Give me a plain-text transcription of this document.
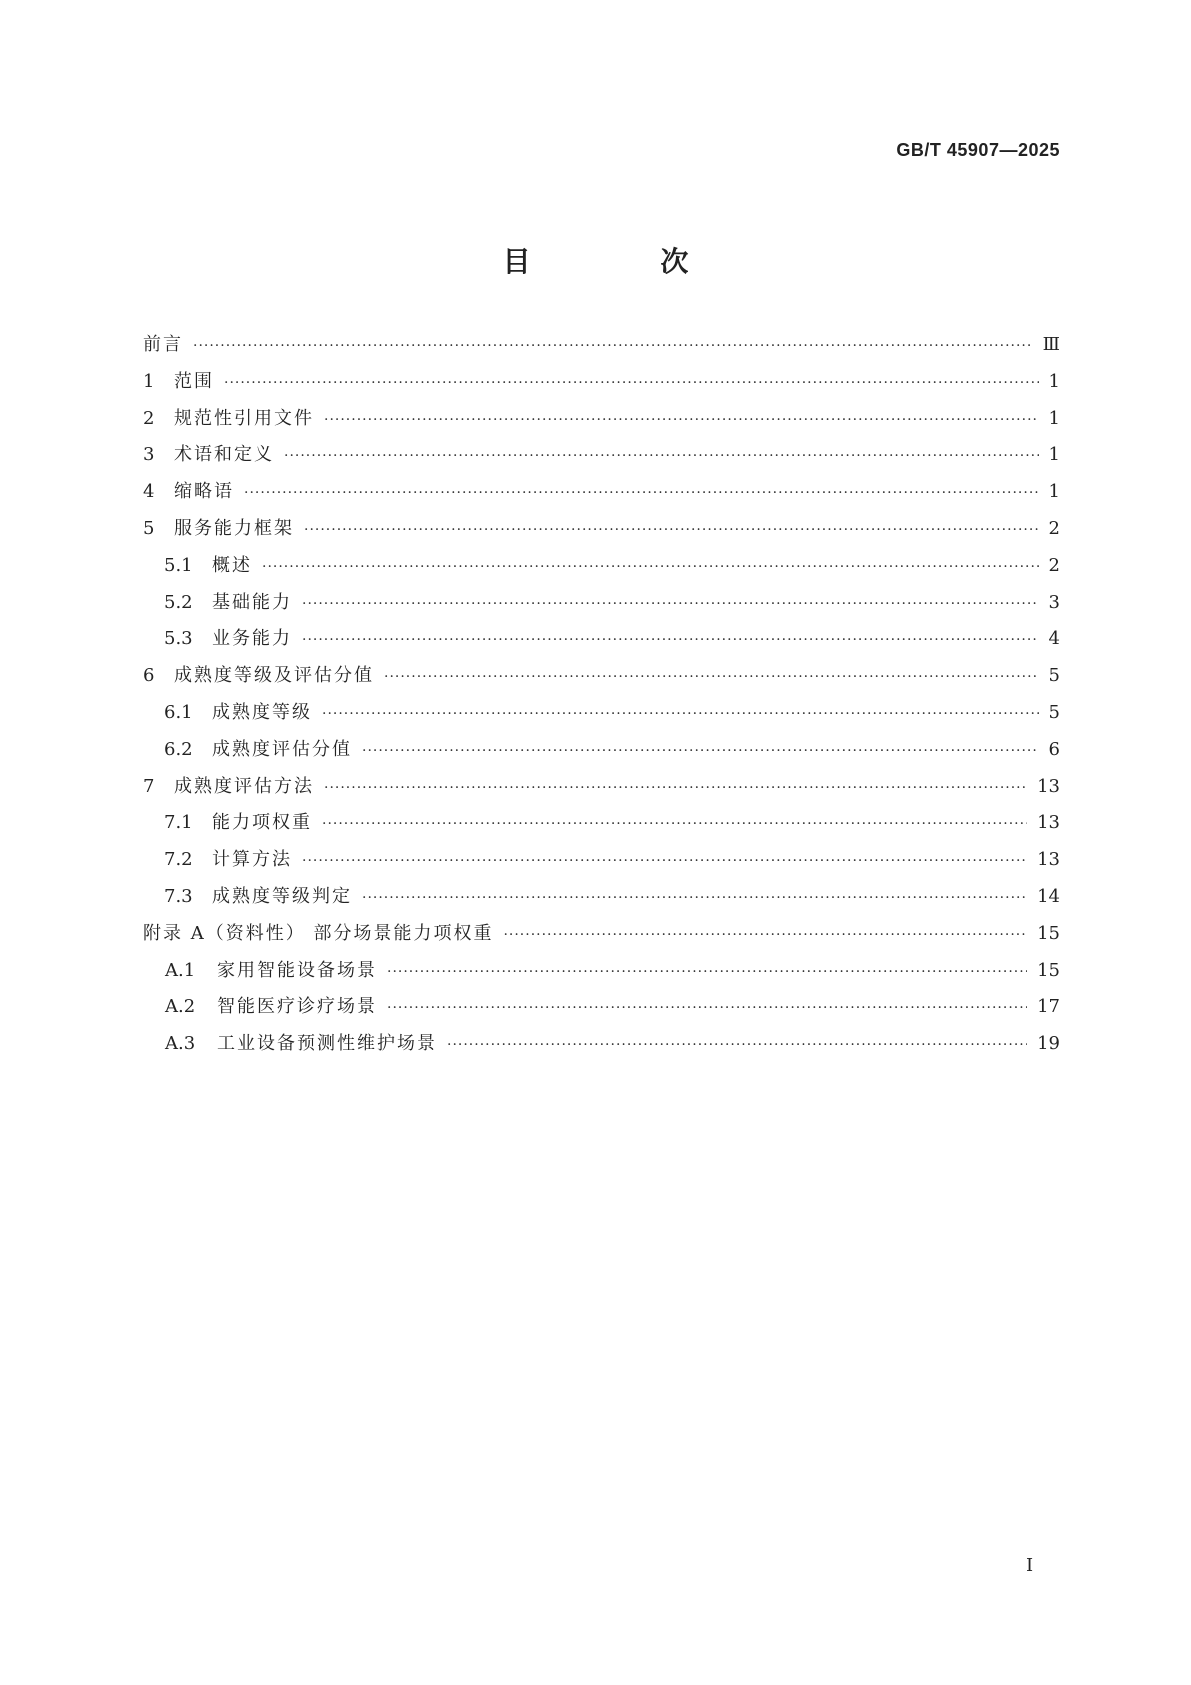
GB/T 45907—2025

目 次
前言 ·····	Ⅲ
1	范围 ·····	1
2	规范性引用文件 ·····	1
3	术语和定义 ·····	1
4	缩略语 ·····	1
5	服务能力框架 ·····	2
5.1	概述 ·····	2
5.2	基础能力 ·····	3
5.3	业务能力 ·····	4
6	成熟度等级及评估分值 ·····	5
6.1	成熟度等级 ·····	5
6.2	成熟度评估分值 ·····	6
7	成熟度评估方法 ·····	13
7.1	能力项权重 ·····	13
7.2	计算方法 ·····	13
7.3	成熟度等级判定 ·····	14
附录 A（资料性） 部分场景能力项权重 ·····	15
A.1	家用智能设备场景 ·····	15
A.2	智能医疗诊疗场景 ·····	17
A.3	工业设备预测性维护场景 ·····	19

Ⅰ
